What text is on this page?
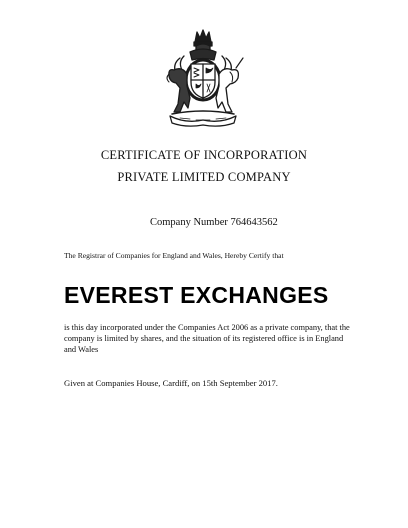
CERTIFICATE OF INCORPORATION
PRIVATE LIMITED COMPANY
Company Number 764643562
The Registrar of Companies for England and Wales, Hereby Certify that
EVEREST EXCHANGES
is this day incorporated under the Companies Act 2006 as a private company, that the company is limited by shares, and the situation of its registered office is in England and Wales
Given at Companies House, Cardiff, on 15th September 2017.
